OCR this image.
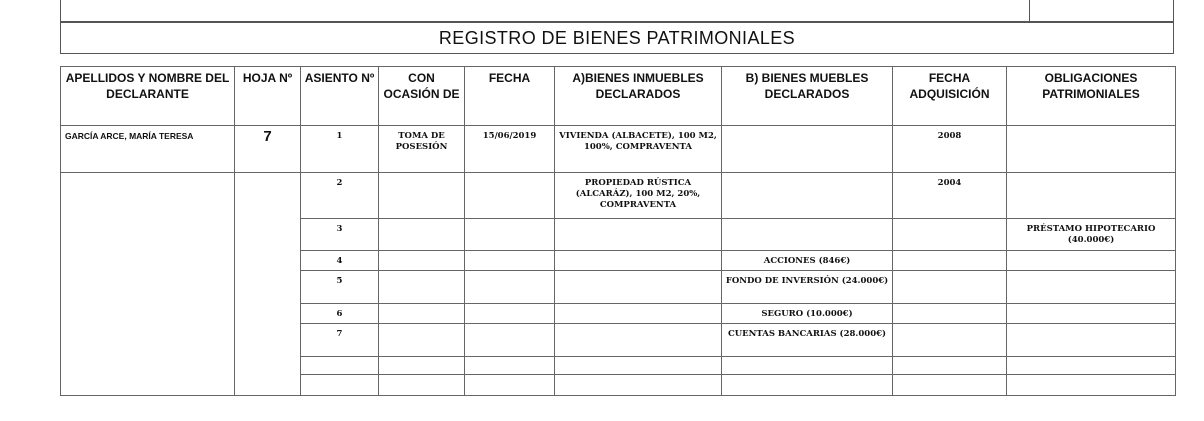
REGISTRO DE BIENES PATRIMONIALES
APELLIDOS Y NOMBRE DEL DECLARANTE	HOJA Nº	ASIENTO Nº	CON OCASIÓN DE	FECHA	A)BIENES INMUEBLES DECLARADOS	B) BIENES MUEBLES DECLARADOS	FECHA ADQUISICIÓN	OBLIGACIONES PATRIMONIALES
GARCÍA ARCE, MARÍA TERESA	7	1	TOMA DE POSESIÓN	15/06/2019	VIVIENDA (ALBACETE), 100 M2, 100%, COMPRAVENTA		2008	
		2			PROPIEDAD RÚSTICA (ALCARÁZ), 100 M2, 20%, COMPRAVENTA		2004	
		3						PRÉSTAMO HIPOTECARIO (40.000€)
		4				ACCIONES (846€)		
		5				FONDO DE INVERSIÓN (24.000€)		
		6				SEGURO (10.000€)		
		7				CUENTAS BANCARIAS (28.000€)		
